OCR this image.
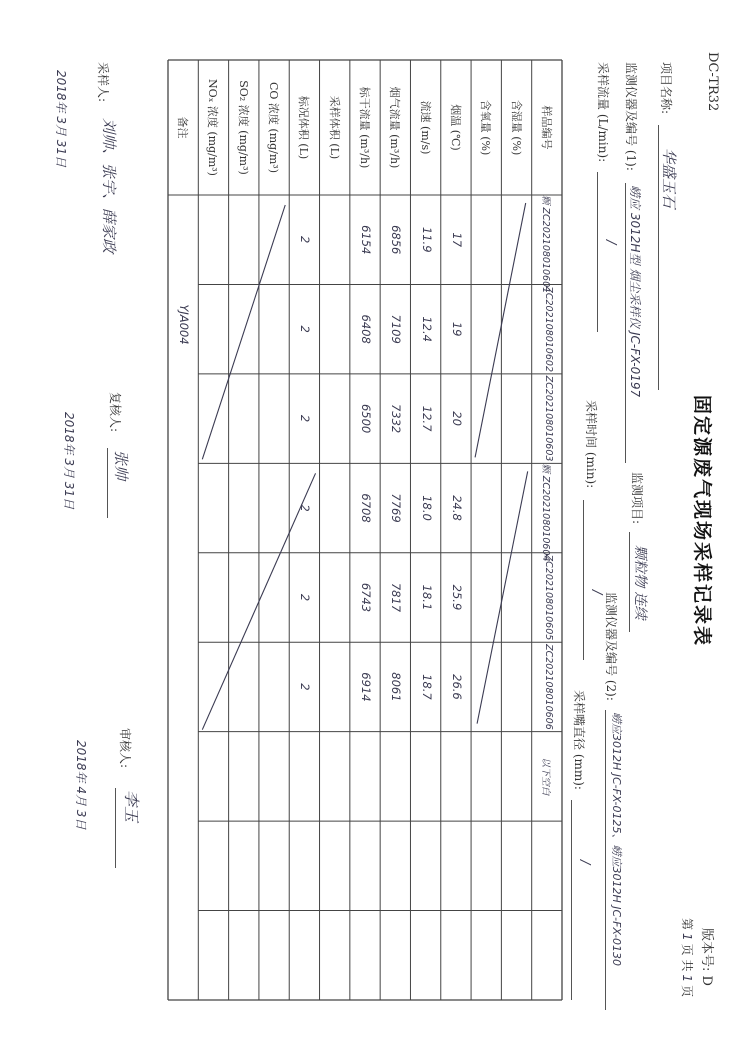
DC-TR32
版本号: D
第1页 共1页
固定源废气现场采样记录表
项目名称:
华盛玉石
监测项目:
颗粒物 连续
监测仪器及编号 (1):
崂应 3012H型 烟尘采样仪 JC-FX-0197
监测仪器及编号 (2):
崂应3012H JC-FX-0125、崂应3012H JC-FX-0130
采样流量 (L/min):
/
采样时间 (min):
/
采样嘴直径 (mm):
/
样品编号
含湿量 (%)
含氧量 (%)
烟温 (℃)
流速 (m/s)
烟气流量 (m³/h)
标干流量 (m³/h)
采样体积 (L)
标况体积 (L)
CO 浓度 (mg/m³)
SO₂ 浓度 (mg/m³)
NOₓ 浓度 (mg/m³)
备注
颗 ZC202108010601
ZC202108010602
ZC202108010603
颗 ZC202108010604
ZC202108010605
ZC202108010606
17
19
20
24.8
25.9
26.6
11.9
12.4
12.7
18.0
18.1
18.7
6856
7109
7332
7769
7817
8061
6154
6408
6500
6708
6743
6914
2
2
2
2
2
2
以下空白
YJA004
采样人:
刘帅、张宇、薛家政
2018年 3月 31日
复核人:
张帅
2018年 3月 31日
审核人:
李玉
2018年 4月 3日
